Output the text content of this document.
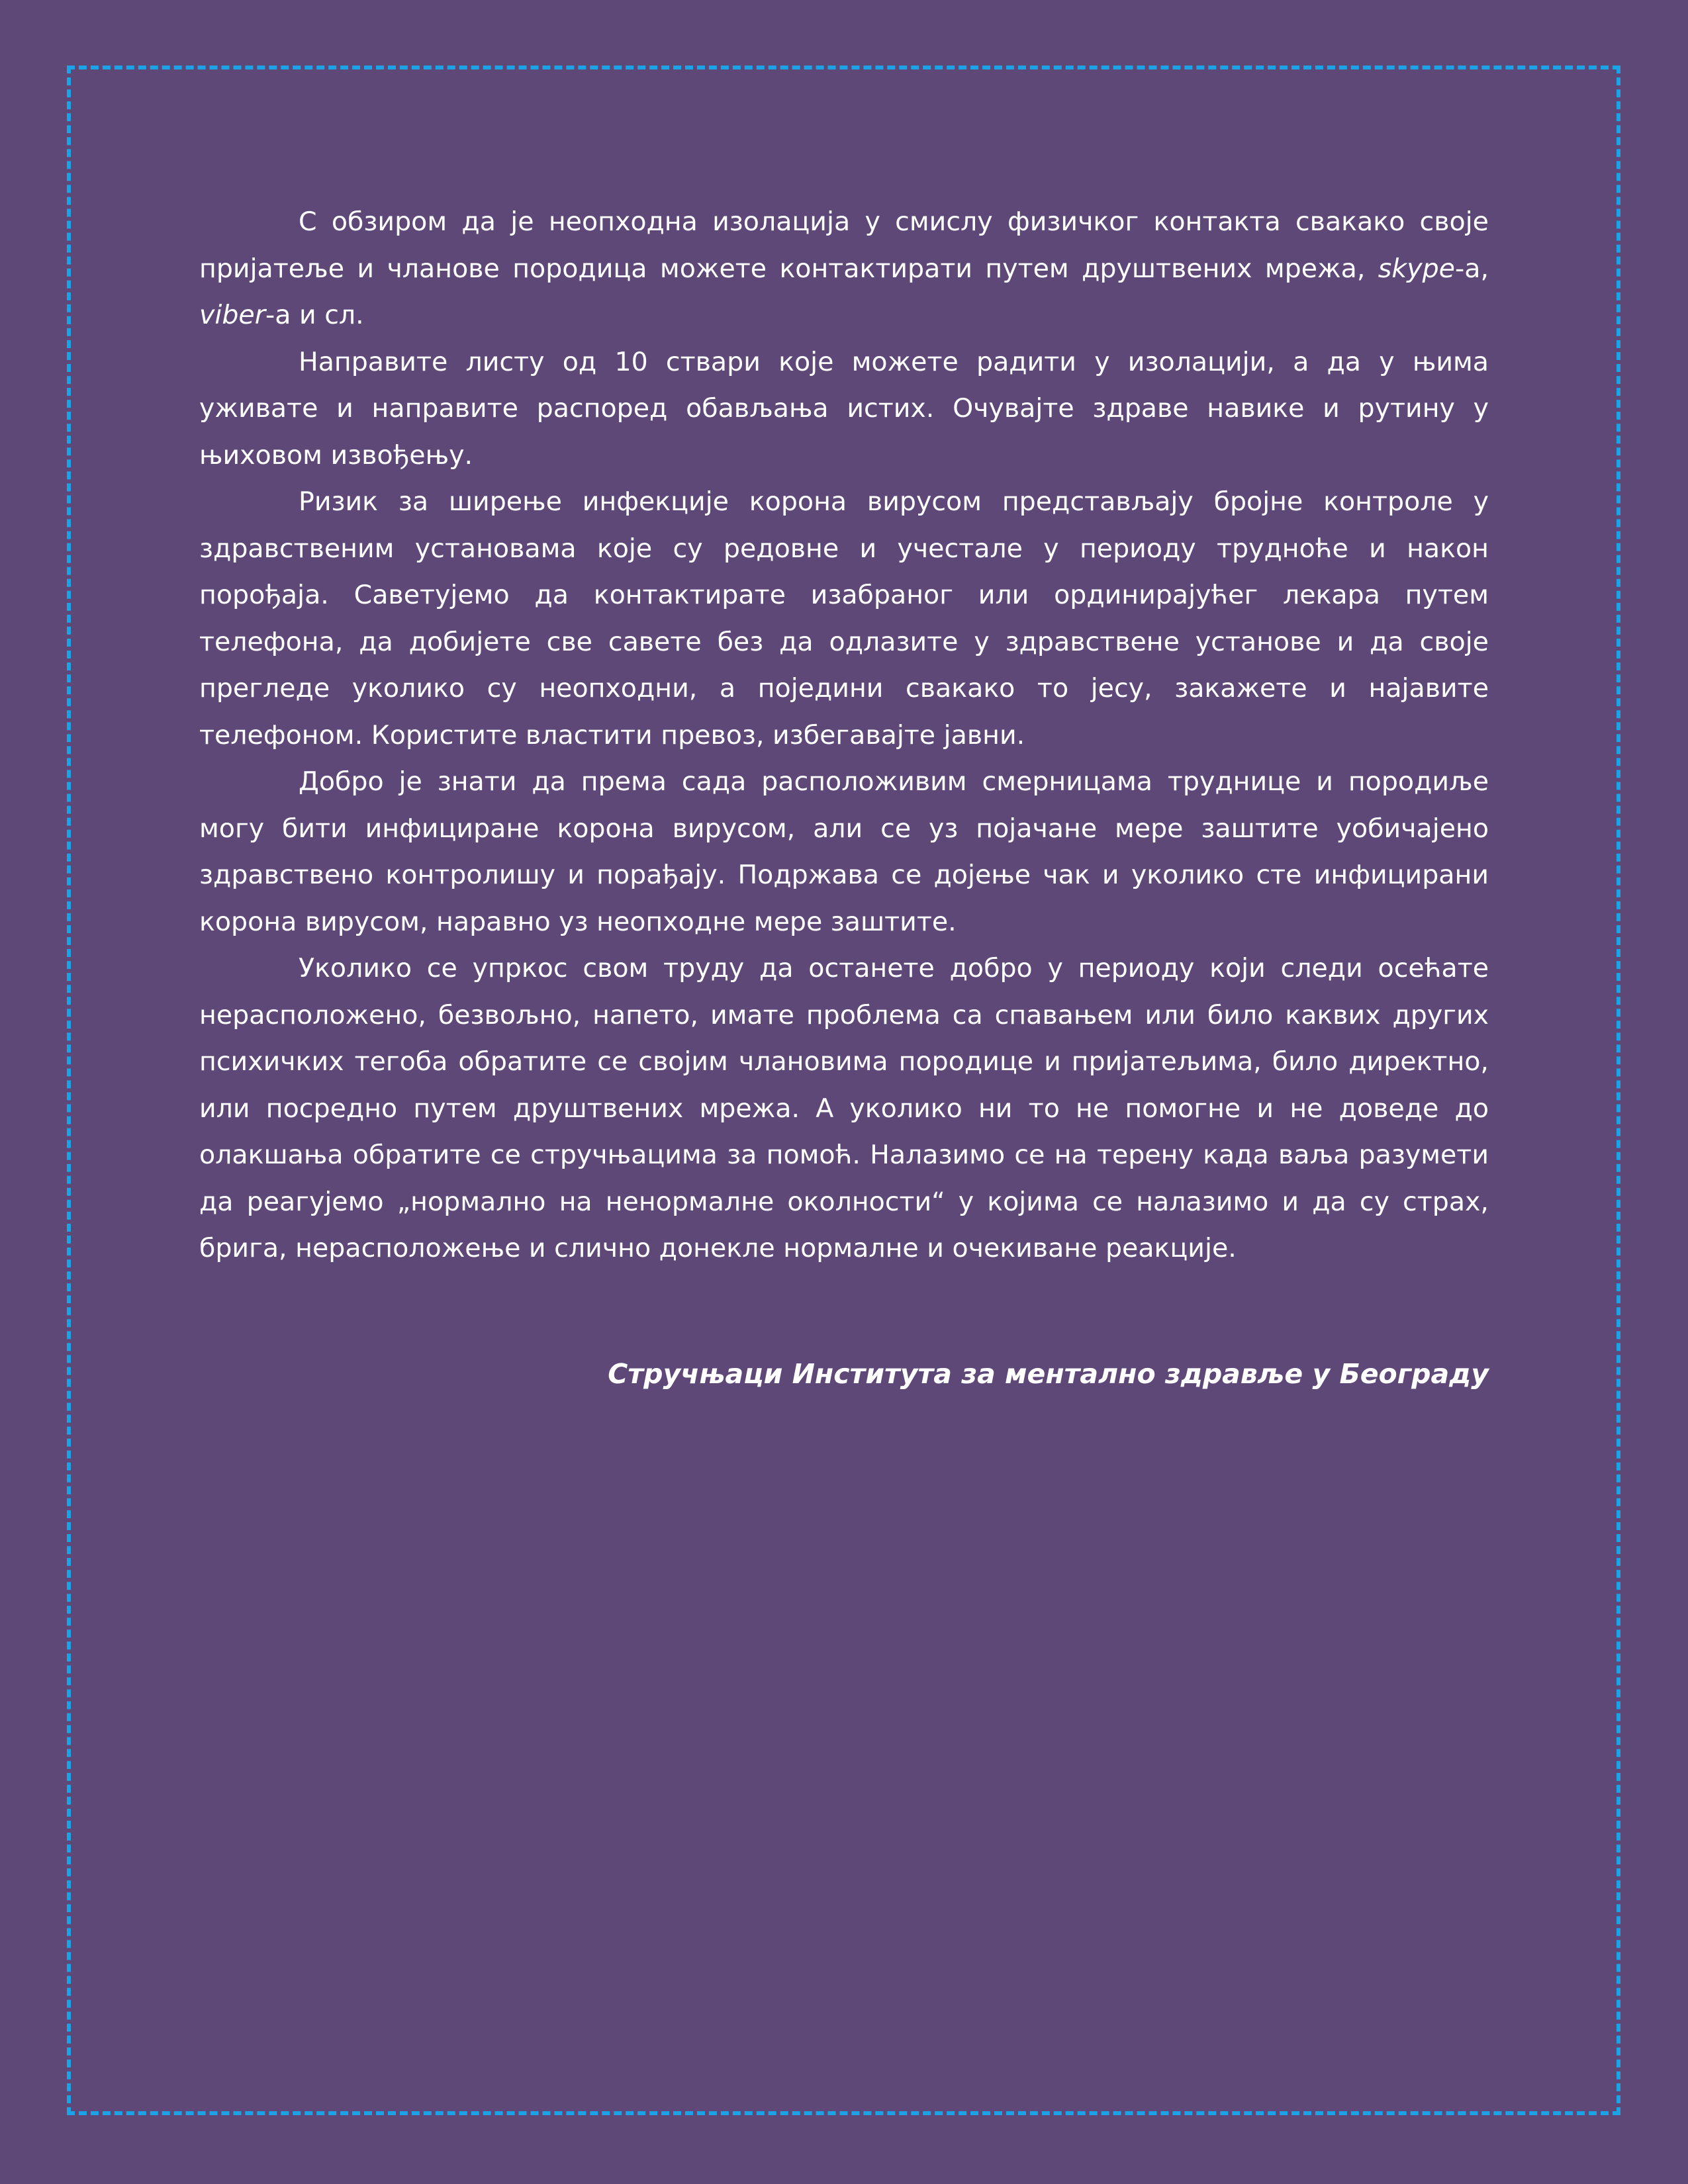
С обзиром да је неопходна изолација у смислу физичког контакта свакако своје пријатеље и чланове породица можете контактирати путем друштвених мрежа, skype-а, viber-а и сл.

Направите листу од 10 ствари које можете радити у изолацији, а да у њима уживате и направите распоред обављања истих. Очувајте здраве навике и рутину у њиховом извођењу.

Ризик за ширење инфекције корона вирусом представљају бројне контроле у здравственим установама које су редовне и учестале у периоду трудноће и након порођаја. Саветујемо да контактирате изабраног или ординирајућег лекара путем телефона, да добијете све савете без да одлазите у здравствене установе и да своје прегледе уколико су неопходни, а поједини свакако то јесу, закажете и најавите телефоном. Користите властити превоз, избегавајте јавни.

Добро је знати да према сада расположивим смерницама труднице и породиље могу бити инфициране корона вирусом, али се уз појачане мере заштите уобичајено здравствено контролишу и порађају. Подржава се дојење чак и уколико сте инфицирани корона вирусом, наравно уз неопходне мере заштите.

Уколико се упркос свом труду да останете добро у периоду који следи осећате нерасположено, безвољно, напето, имате проблема са спавањем или било каквих других психичких тегоба обратите се својим члановима породице и пријатељима, било директно, или посредно путем друштвених мрежа. А уколико ни то не помогне и не доведе до олакшања обратите се стручњацима за помоћ. Налазимо се на терену када ваља разумети да реагујемо „нормално на ненормалне околности“ у којима се налазимо и да су страх, брига, нерасположење и слично донекле нормалне и очекиване реакције.

Стручњаци Института за ментално здравље у Београду
